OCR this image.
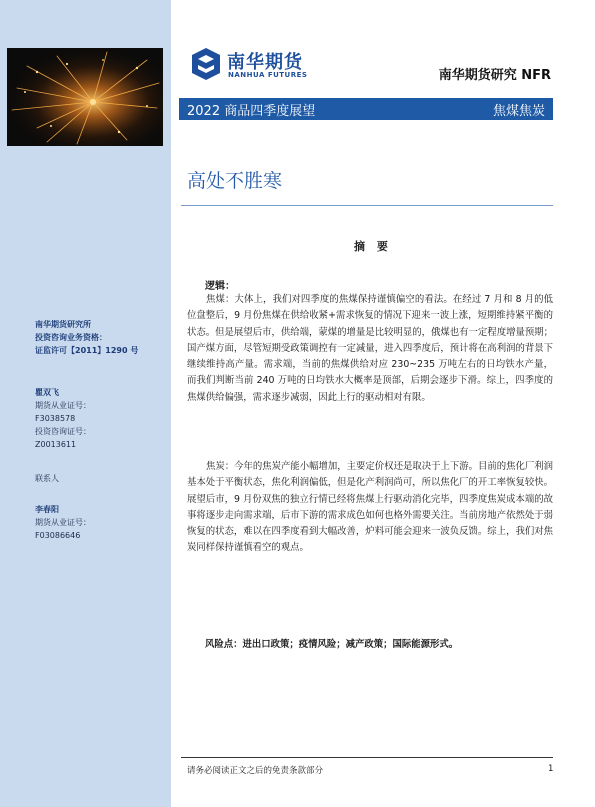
南华期货研究所
投资咨询业务资格：
证监许可【2011】1290 号
瞿双飞
期货从业证号：
F3038578
投资咨询证号：
Z0013611
联系人
李春阳
期货从业证号：
F03086646
南华期货
NANHUA FUTURES	南华期货研究 NFR
2022 商品四季度展望	焦煤焦炭
高处不胜寒
摘 要
逻辑：

焦煤：大体上，我们对四季度的焦煤保持谨慎偏空的看法。在经过 7 月和 8 月的低位盘整后，9 月份焦煤在供给收紧+需求恢复的情况下迎来一波上涨，短期维持紧平衡的状态。但是展望后市，供给端，蒙煤的增量是比较明显的，俄煤也有一定程度增量预期；国产煤方面，尽管短期受政策调控有一定减量，进入四季度后，预计将在高利润的背景下继续维持高产量。需求端，当前的焦煤供给对应 230~235 万吨左右的日均铁水产量，而我们判断当前 240 万吨的日均铁水大概率是顶部，后期会逐步下滑。综上，四季度的焦煤供给偏强，需求逐步减弱，因此上行的驱动相对有限。

焦炭：今年的焦炭产能小幅增加，主要定价权还是取决于上下游。目前的焦化厂利润基本处于平衡状态，焦化利润偏低，但是化产利润尚可，所以焦化厂的开工率恢复较快。展望后市，9 月份双焦的独立行情已经将焦煤上行驱动消化完毕，四季度焦炭成本端的故事将逐步走向需求端，后市下游的需求成色如何也格外需要关注。当前房地产依然处于弱恢复的状态，难以在四季度看到大幅改善，炉料可能会迎来一波负反馈。综上，我们对焦炭同样保持谨慎看空的观点。

风险点：进出口政策；疫情风险；减产政策；国际能源形式。
请务必阅读正文之后的免责条款部分	1
